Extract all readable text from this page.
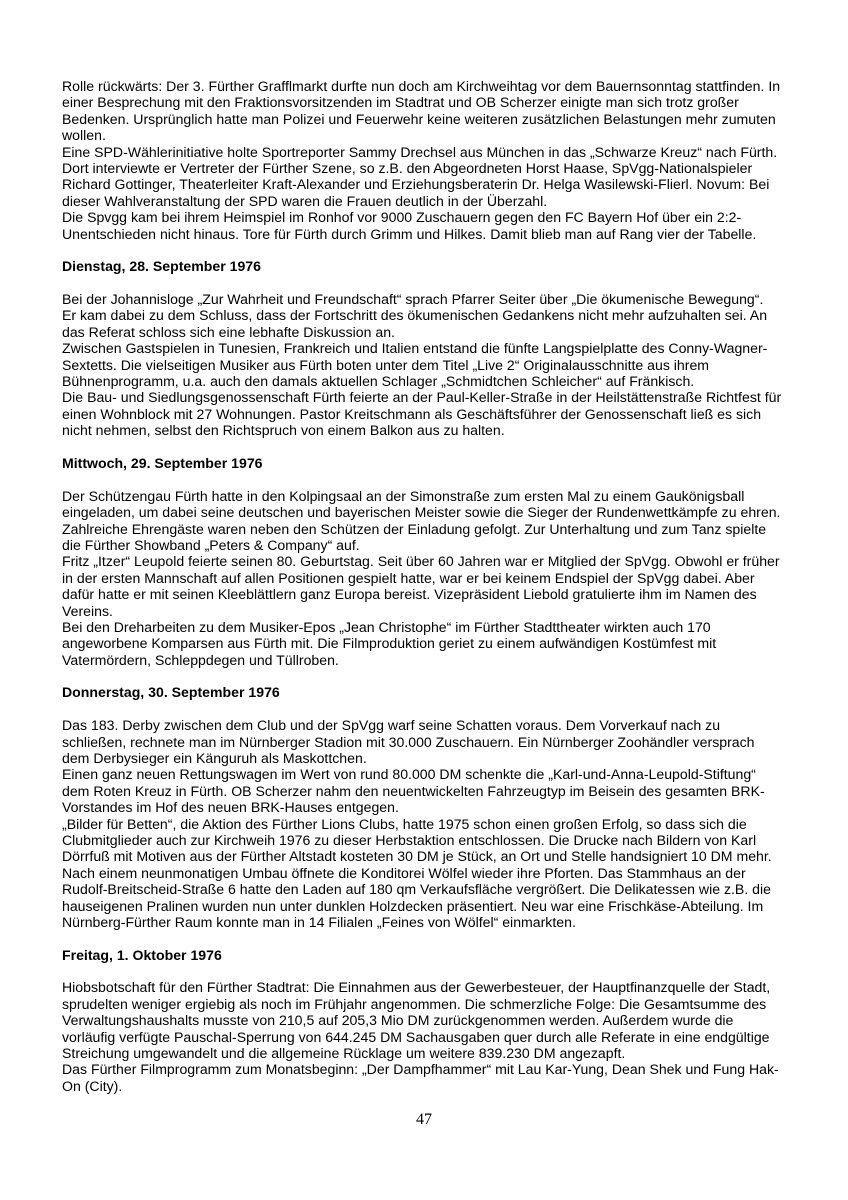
Rolle rückwärts: Der 3. Fürther Grafflmarkt durfte nun doch am Kirchweihtag vor dem Bauernsonntag stattfinden. In
einer Besprechung mit den Fraktionsvorsitzenden im Stadtrat und OB Scherzer einigte man sich trotz großer
Bedenken. Ursprünglich hatte man Polizei und Feuerwehr keine weiteren zusätzlichen Belastungen mehr zumuten
wollen.
Eine SPD-Wählerinitiative holte Sportreporter Sammy Drechsel aus München in das „Schwarze Kreuz“ nach Fürth.
Dort interviewte er Vertreter der Fürther Szene, so z.B. den Abgeordneten Horst Haase, SpVgg-Nationalspieler
Richard Gottinger, Theaterleiter Kraft-Alexander und Erziehungsberaterin Dr. Helga Wasilewski-Flierl. Novum: Bei
dieser Wahlveranstaltung der SPD waren die Frauen deutlich in der Überzahl.
Die Spvgg kam bei ihrem Heimspiel im Ronhof vor 9000 Zuschauern gegen den FC Bayern Hof über ein 2:2-
Unentschieden nicht hinaus. Tore für Fürth durch Grimm und Hilkes. Damit blieb man auf Rang vier der Tabelle.
Dienstag, 28. September 1976
Bei der Johannisloge „Zur Wahrheit und Freundschaft“ sprach Pfarrer Seiter über „Die ökumenische Bewegung“.
Er kam dabei zu dem Schluss, dass der Fortschritt des ökumenischen Gedankens nicht mehr aufzuhalten sei. An
das Referat schloss sich eine lebhafte Diskussion an.
Zwischen Gastspielen in Tunesien, Frankreich und Italien entstand die fünfte Langspielplatte des Conny-Wagner-
Sextetts. Die vielseitigen Musiker aus Fürth boten unter dem Titel „Live 2“ Originalausschnitte aus ihrem
Bühnenprogramm, u.a. auch den damals aktuellen Schlager „Schmidtchen Schleicher“ auf Fränkisch.
Die Bau- und Siedlungsgenossenschaft Fürth feierte an der Paul-Keller-Straße in der Heilstättenstraße Richtfest für
einen Wohnblock mit 27 Wohnungen. Pastor Kreitschmann als Geschäftsführer der Genossenschaft ließ es sich
nicht nehmen, selbst den Richtspruch von einem Balkon aus zu halten.
Mittwoch, 29. September 1976
Der Schützengau Fürth hatte in den Kolpingsaal an der Simonstraße zum ersten Mal zu einem Gaukönigsball
eingeladen, um dabei seine deutschen und bayerischen Meister sowie die Sieger der Rundenwettkämpfe zu ehren.
Zahlreiche Ehrengäste waren neben den Schützen der Einladung gefolgt. Zur Unterhaltung und zum Tanz spielte
die Fürther Showband „Peters & Company“ auf.
Fritz „Itzer“ Leupold feierte seinen 80. Geburtstag. Seit über 60 Jahren war er Mitglied der SpVgg. Obwohl er früher
in der ersten Mannschaft auf allen Positionen gespielt hatte, war er bei keinem Endspiel der SpVgg dabei. Aber
dafür hatte er mit seinen Kleeblättlern ganz Europa bereist. Vizepräsident Liebold gratulierte ihm im Namen des
Vereins.
Bei den Dreharbeiten zu dem Musiker-Epos „Jean Christophe“ im Fürther Stadttheater wirkten auch 170
angeworbene Komparsen aus Fürth mit. Die Filmproduktion geriet zu einem aufwändigen Kostümfest mit
Vatermördern, Schleppdegen und Tüllroben.
Donnerstag, 30. September 1976
Das 183. Derby zwischen dem Club und der SpVgg warf seine Schatten voraus. Dem Vorverkauf nach zu
schließen, rechnete man im Nürnberger Stadion mit 30.000 Zuschauern. Ein Nürnberger Zoohändler versprach
dem Derbysieger ein Känguruh als Maskottchen.
Einen ganz neuen Rettungswagen im Wert von rund 80.000 DM schenkte die „Karl-und-Anna-Leupold-Stiftung“
dem Roten Kreuz in Fürth. OB Scherzer nahm den neuentwickelten Fahrzeugtyp im Beisein des gesamten BRK-
Vorstandes im Hof des neuen BRK-Hauses entgegen.
„Bilder für Betten“, die Aktion des Fürther Lions Clubs, hatte 1975 schon einen großen Erfolg, so dass sich die
Clubmitglieder auch zur Kirchweih 1976 zu dieser Herbstaktion entschlossen. Die Drucke nach Bildern von Karl
Dörrfuß mit Motiven aus der Fürther Altstadt kosteten 30 DM je Stück, an Ort und Stelle handsigniert 10 DM mehr.
Nach einem neunmonatigen Umbau öffnete die Konditorei Wölfel wieder ihre Pforten. Das Stammhaus an der
Rudolf-Breitscheid-Straße 6 hatte den Laden auf 180 qm Verkaufsfläche vergrößert. Die Delikatessen wie z.B. die
hauseigenen Pralinen wurden nun unter dunklen Holzdecken präsentiert. Neu war eine Frischkäse-Abteilung. Im
Nürnberg-Fürther Raum konnte man in 14 Filialen „Feines von Wölfel“ einmarkten.
Freitag, 1. Oktober 1976
Hiobsbotschaft für den Fürther Stadtrat: Die Einnahmen aus der Gewerbesteuer, der Hauptfinanzquelle der Stadt,
sprudelten weniger ergiebig als noch im Frühjahr angenommen. Die schmerzliche Folge: Die Gesamtsumme des
Verwaltungshaushalts musste von 210,5 auf 205,3 Mio DM zurückgenommen werden. Außerdem wurde die
vorläufig verfügte Pauschal-Sperrung von 644.245 DM Sachausgaben quer durch alle Referate in eine endgültige
Streichung umgewandelt und die allgemeine Rücklage um weitere 839.230 DM angezapft.
Das Fürther Filmprogramm zum Monatsbeginn: „Der Dampfhammer“ mit Lau Kar-Yung, Dean Shek und Fung Hak-
On (City).
47
